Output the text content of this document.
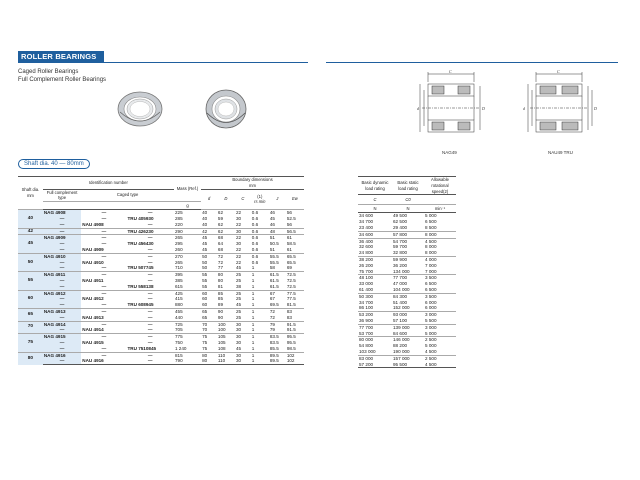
ROLLER BEARINGS
Caged Roller Bearings
Full Complement Roller Bearings
Shaft dia. 40 — 80mm
Shaft dia. mm	Identification number			Mass (Ref.)	Boundary dimensions
mm					
	Full complement type	Caged type			d	D	C	(1)
rs min	J	Ew
				g						
40	NAG 4908	—	—	225	40	62	22	0.6	46	56
	—	—	TRU 405930	285	40	59	30	0.6	45	52.5
	—	NAU 4908	—	220	40	62	22	0.6	46	56
42	—	—	TRU 426230	290	42	62	30	0.6	48	56.5
45	NAG 4909	—	—	265	45	68	22	0.6	51	61
	—	—	TRU 456430	295	45	64	30	0.6	50.5	58.5
	—	NAU 4909	—	260	45	68	22	0.6	51	61
50	NAG 4910	—	—	270	50	72	22	0.6	55.5	65.5
	—	NAU 4910	—	265	50	72	22	0.6	55.5	65.5
	—	—	TRU 507745	710	50	77	45	1	58	69
55	NAG 4911	—	—	395	55	80	25	1	61.5	72.5
	—	NAU 4911	—	385	55	80	25	1	61.5	72.5
	—	—	TRU 558138	615	55	81	38	1	61.5	72.5
60	NAG 4912	—	—	425	60	85	25	1	67	77.5
	—	NAU 4912	—	415	60	85	25	1	67	77.5
	—	—	TRU 608945	880	60	89	45	1	69.5	81.5
65	NAG 4913	—	—	455	65	90	25	1	72	83
	—	NAU 4913	—	440	65	90	25	1	72	83
70	NAG 4914	—	—	725	70	100	30	1	79	91.5
	—	NAU 4914	—	705	70	100	30	1	79	91.5
75	NAG 4915	—	—	775	75	105	30	1	83.5	95.5
	—	NAU 4915	—	750	75	105	30	1	83.5	95.5
	—	—	TRU 7510845	1 240	75	108	45	1	85.5	98.5
80	NAG 4916	—	—	815	80	110	30	1	89.5	102
	—	NAU 4916	—	790	80	110	30	1	89.5	102
C
D
d
NAG49
C
D
d
NAU49 TRU
Basic dynamic load rating	Basic static load rating	Allowable rotational speed(2)
C	C0	
N	N	min⁻¹
34 600	49 500	5 000
34 700	62 500	6 500
23 400	29 400	8 500
34 600	57 800	8 000
36 400	54 700	4 500
32 600	59 700	8 000
24 800	32 800	8 000
38 200	59 900	4 000
26 200	36 200	7 000
75 700	134 000	7 000
48 100	77 700	3 500
33 000	47 000	6 500
61 400	104 000	6 500
50 300	84 300	3 500
34 700	51 400	6 000
86 100	152 000	6 000
53 200	93 000	3 000
36 900	57 100	5 500
77 700	139 000	3 000
53 700	84 600	5 000
80 000	146 000	2 500
54 800	88 200	5 000
103 000	190 000	4 500
83 000	157 000	2 500
57 200	95 500	4 500
